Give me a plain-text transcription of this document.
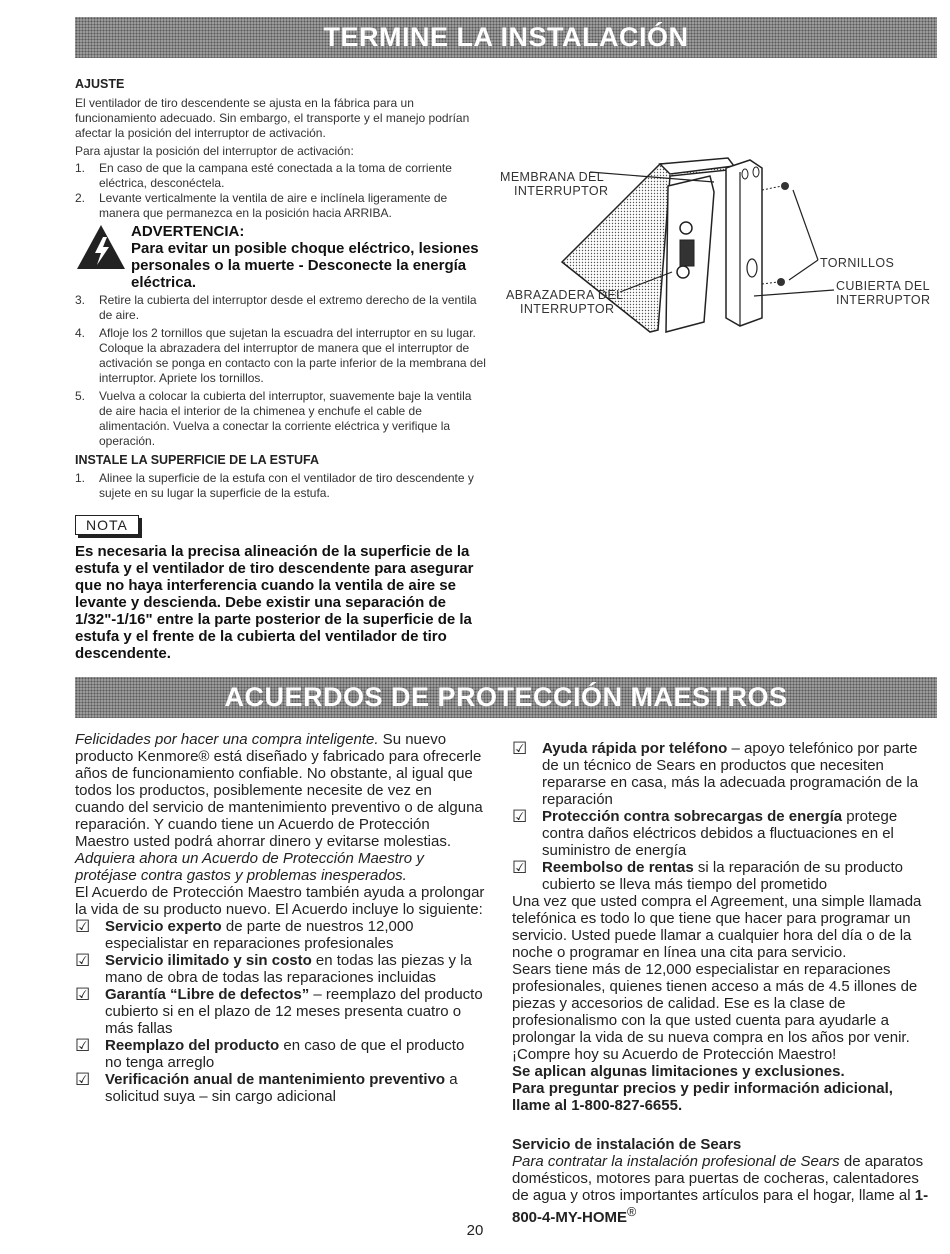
TERMINE LA INSTALACIÓN

AJUSTE

El ventilador de tiro descendente se ajusta en la fábrica para un funcionamiento adecuado. Sin embargo, el transporte y el manejo podrían afectar la posición del interruptor de activación.

Para ajustar la posición del interruptor de activación:

1.	En caso de que la campana esté conectada a la toma de corriente eléctrica, desconéctela.
2.	Levante verticalmente la ventila de aire e inclínela ligeramente de manera que permanezca en la posición hacia ARRIBA.
ADVERTENCIA:
Para evitar un posible choque eléctrico, lesiones personales o la muerte - Desconecte la energía eléctrica.
3.	Retire la cubierta del interruptor desde el extremo derecho de la ventila de aire.
4.	Afloje los 2 tornillos que sujetan la escuadra del interruptor en su lugar. Coloque la abrazadera del interruptor de manera que el interruptor de activación se ponga en contacto con la parte inferior de la membrana del interruptor. Apriete los tornillos.
5.	Vuelva a colocar la cubierta del interruptor, suavemente baje la ventila de aire hacia el interior de la chimenea y enchufe el cable de alimentación. Vuelva a conectar la corriente eléctrica y verifique la operación.

INSTALE LA SUPERFICIE DE LA ESTUFA

1.	Alinee la superficie de la estufa con el ventilador de tiro descendente y sujete en su lugar la superficie de la estufa.
NOTA

Es necesaria la precisa alineación de la superficie de la estufa y el ventilador de tiro descendente para asegurar que no haya interferencia cuando la ventila de aire se levante y descienda. Debe existir una separación de 1/32"-1/16" entre la parte posterior de la superficie de la estufa y el frente de la cubierta del ventilador de tiro descendente.

MEMBRANA DEL
INTERRUPTOR
TORNILLOS
ABRAZADERA DEL
INTERRUPTOR
CUBIERTA DEL
INTERRUPTOR
ACUERDOS DE PROTECCIÓN MAESTROS

Felicidades por hacer una compra inteligente. Su nuevo producto Kenmore® está diseñado y fabricado para ofrecerle años de funcionamiento confiable. No obstante, al igual que todos los productos, posiblemente necesite de vez en cuando del servicio de mantenimiento preventivo o de alguna reparación. Y cuando tiene un Acuerdo de Protección Maestro usted podrá ahorrar dinero y evitarse molestias.

Adquiera ahora un Acuerdo de Protección Maestro y protéjase contra gastos y problemas inesperados.

El Acuerdo de Protección Maestro también ayuda a prolongar la vida de su producto nuevo. El Acuerdo incluye lo siguiente:

☑ Servicio experto de parte de nuestros 12,000 especialistar en reparaciones profesionales
☑ Servicio ilimitado y sin costo en todas las piezas y la mano de obra de todas las reparaciones incluidas
☑ Garantía “Libre de defectos” – reemplazo del producto cubierto si en el plazo de 12 meses presenta cuatro o más fallas
☑ Reemplazo del producto en caso de que el producto no tenga arreglo
☑ Verificación anual de mantenimiento preventivo a solicitud suya – sin cargo adicional
☑ Ayuda rápida por teléfono – apoyo telefónico por parte de un técnico de Sears en productos que necesiten repararse en casa, más la adecuada programación de la reparación
☑ Protección contra sobrecargas de energía protege contra daños eléctricos debidos a fluctuaciones en el suministro de energía
☑ Reembolso de rentas si la reparación de su producto cubierto se lleva más tiempo del prometido

Una vez que usted compra el Agreement, una simple llamada telefónica es todo lo que tiene que hacer para programar un servicio. Usted puede llamar a cualquier hora del día o de la noche o programar en línea una cita para servicio.

Sears tiene más de 12,000 especialistar en reparaciones profesionales, quienes tienen acceso a más de 4.5 illones de piezas y accesorios de calidad. Ese es la clase de profesionalismo con la que usted cuenta para ayudarle a prolongar la vida de su nueva compra en los años por venir. ¡Compre hoy su Acuerdo de Protección Maestro!

Se aplican algunas limitaciones y exclusiones.

Para preguntar precios y pedir información adicional, llame al 1-800-827-6655.

Servicio de instalación de Sears

Para contratar la instalación profesional de Sears de aparatos domésticos, motores para puertas de cocheras, calentadores de agua y otros importantes artículos para el hogar, llame al 1-800-4-MY-HOME®

20
